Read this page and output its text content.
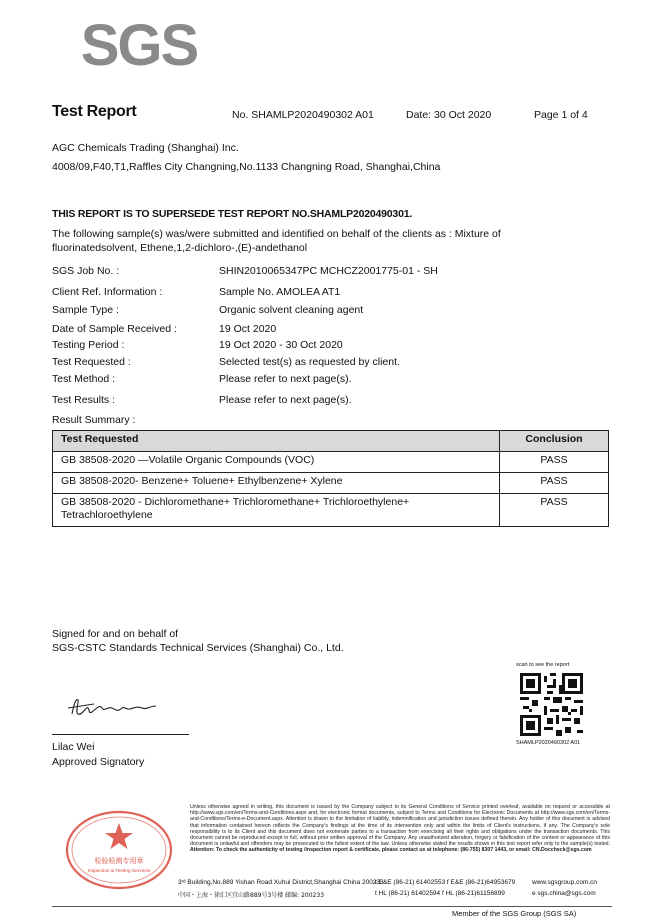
SGS
Test Report	No. SHAMLP2020490302 A01	Date: 30 Oct 2020	Page 1 of 4
AGC Chemicals Trading (Shanghai) Inc.
4008/09,F40,T1,Raffles City Changning,No.1133 Changning Road, Shanghai,China
THIS REPORT IS TO SUPERSEDE TEST REPORT NO.SHAMLP2020490301.
The following sample(s) was/were submitted and identified on behalf of the clients as : Mixture of
fluorinatedsolvent, Ethene,1,2-dichloro-,(E)-andethanol
SGS Job No. :	SHIN2010065347PC MCHCZ2001775-01 - SH
Client Ref. Information :	Sample No. AMOLEA AT1
Sample Type :	Organic solvent cleaning agent
Date of Sample Received :	19 Oct 2020
Testing Period :	19 Oct 2020 - 30 Oct 2020
Test Requested :	Selected test(s) as requested by client.
Test Method :	Please refer to next page(s).
Test Results :	Please refer to next page(s).
Result Summary :
Test Requested	Conclusion
GB 38508-2020 —Volatile Organic Compounds (VOC)	PASS
GB 38508-2020- Benzene+ Toluene+ Ethylbenzene+ Xylene	PASS
GB 38508-2020 - Dichloromethane+ Trichloromethane+ Trichloroethylene+
Tetrachloroethylene	PASS
Signed for and on behalf of
SGS-CSTC Standards Technical Services (Shanghai) Co., Ltd.
Lilac Wei
Approved Signatory
scan to see the report
SHAMLP2020490302 A01
检验检测专用章
Inspection & Testing Services
Unless otherwise agreed in writing, this document is issued by the Company subject to its General Conditions of Service printed overleaf, available on request or accessible at http://www.sgs.com/en/Terms-and-Conditions.aspx and, for electronic format documents, subject to Terms and Conditions for Electronic Documents at http://www.sgs.com/en/Terms-and-Conditions/Terms-e-Document.aspx. Attention is drawn to the limitation of liability, indemnification and jurisdiction issues defined therein. Any holder of this document is advised that information contained hereon reflects the Company's findings at the time of its intervention only and within the limits of Client's instructions, if any. The Company's sole responsibility is to its Client and this document does not exonerate parties to a transaction from exercising all their rights and obligations under the transaction documents. This document cannot be reproduced except in full, without prior written approval of the Company. Any unauthorized alteration, forgery or falsification of the content or appearance of this document is unlawful and offenders may be prosecuted to the fullest extent of the law. Unless otherwise stated the results shown in this test report refer only to the sample(s) tested. Attention: To check the authenticity of testing /inspection report & certificate, please contact us at telephone: (86-755) 8307 1443, or email: CN.Doccheck@sgs.com
3ʳᵈ Building,No.889 Yishan Road Xuhui District,Shanghai China 200233
t E&E (86-21) 61402553 f E&E (86-21)64953679	www.sgsgroup.com.cn
中国・上海・徐汇区宜山路889号3号楼 邮编: 200233	t HL (86-21) 61402594 f HL (86-21)61156899	e sgs.china@sgs.com
Member of the SGS Group (SGS SA)
